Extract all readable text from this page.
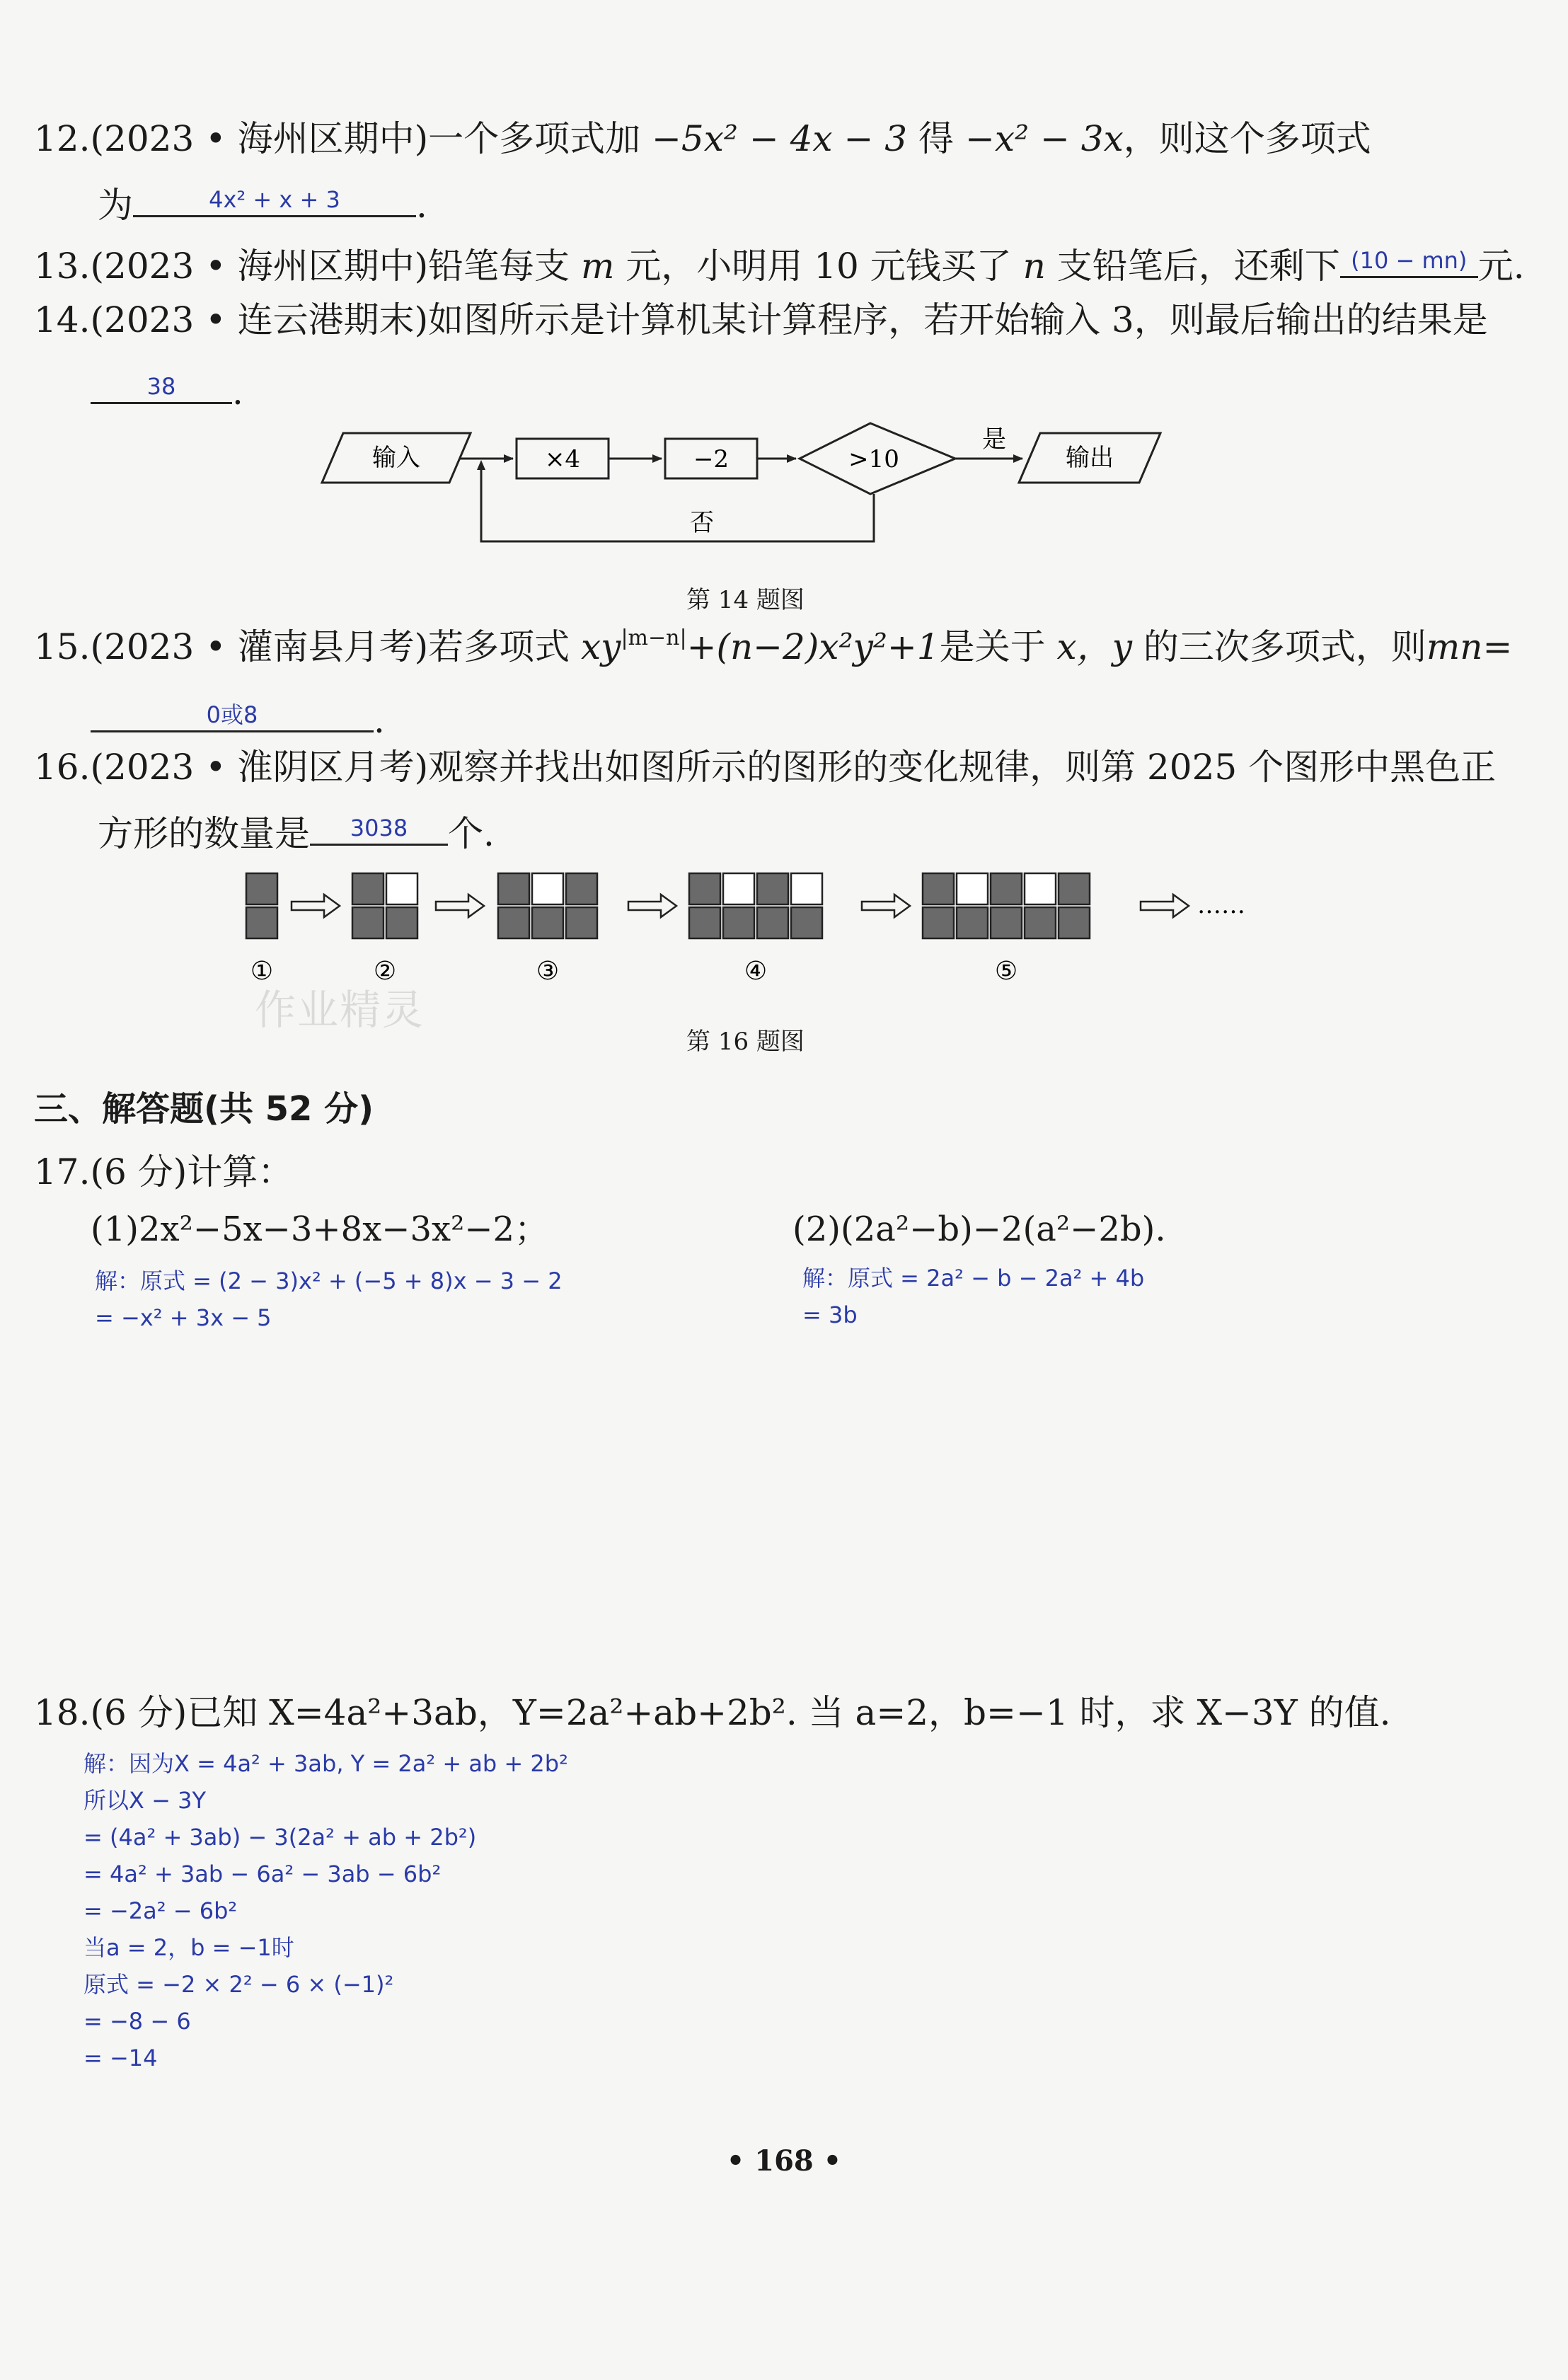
12.(2023 • 海州区期中)一个多项式加 −5x² − 4x − 3 得 −x² − 3x，则这个多项式
为	4x² + x + 3	.
13.(2023 • 海州区期中)铅笔每支 m 元，小明用 10 元钱买了 n 支铅笔后，还剩下 (10 − mn) 元.
14.(2023 • 连云港期末)如图所示是计算机某计算程序，若开始输入 3，则最后输出的结果是
38	.
输入	×4	−2	>10
是
否
输出
第 14 题图
15.(2023 • 灌南县月考)若多项式 $xy^{|m-n|}+(n-2)x^2y^2+1$是关于 x，y 的三次多项式，则mn=
0或8	.
16.(2023 • 淮阴区月考)观察并找出如图所示的图形的变化规律，则第 2025 个图形中黑色正
方形的数量是	3038	个.
……
①	②	③	④	⑤
作业精灵
第 16 题图
三、解答题(共 52 分)
17.(6 分)计算：
(1)2x²−5x−3+8x−3x²−2；	(2)(2a²−b)−2(a²−2b).
解：原式 = (2 − 3)x² + (−5 + 8)x − 3 − 2
= −x² + 3x − 5
解：原式 = 2a² − b − 2a² + 4b
= 3b
18.(6 分)已知 X=4a²+3ab，Y=2a²+ab+2b². 当 a=2，b=−1 时，求 X−3Y 的值.
解：因为X = 4a² + 3ab, Y = 2a² + ab + 2b²
所以X − 3Y
= (4a² + 3ab) − 3(2a² + ab + 2b²)
= 4a² + 3ab − 6a² − 3ab − 6b²
= −2a² − 6b²
当a = 2，b = −1时
原式 = −2 × 2² − 6 × (−1)²
= −8 − 6
= −14
• 168 •
